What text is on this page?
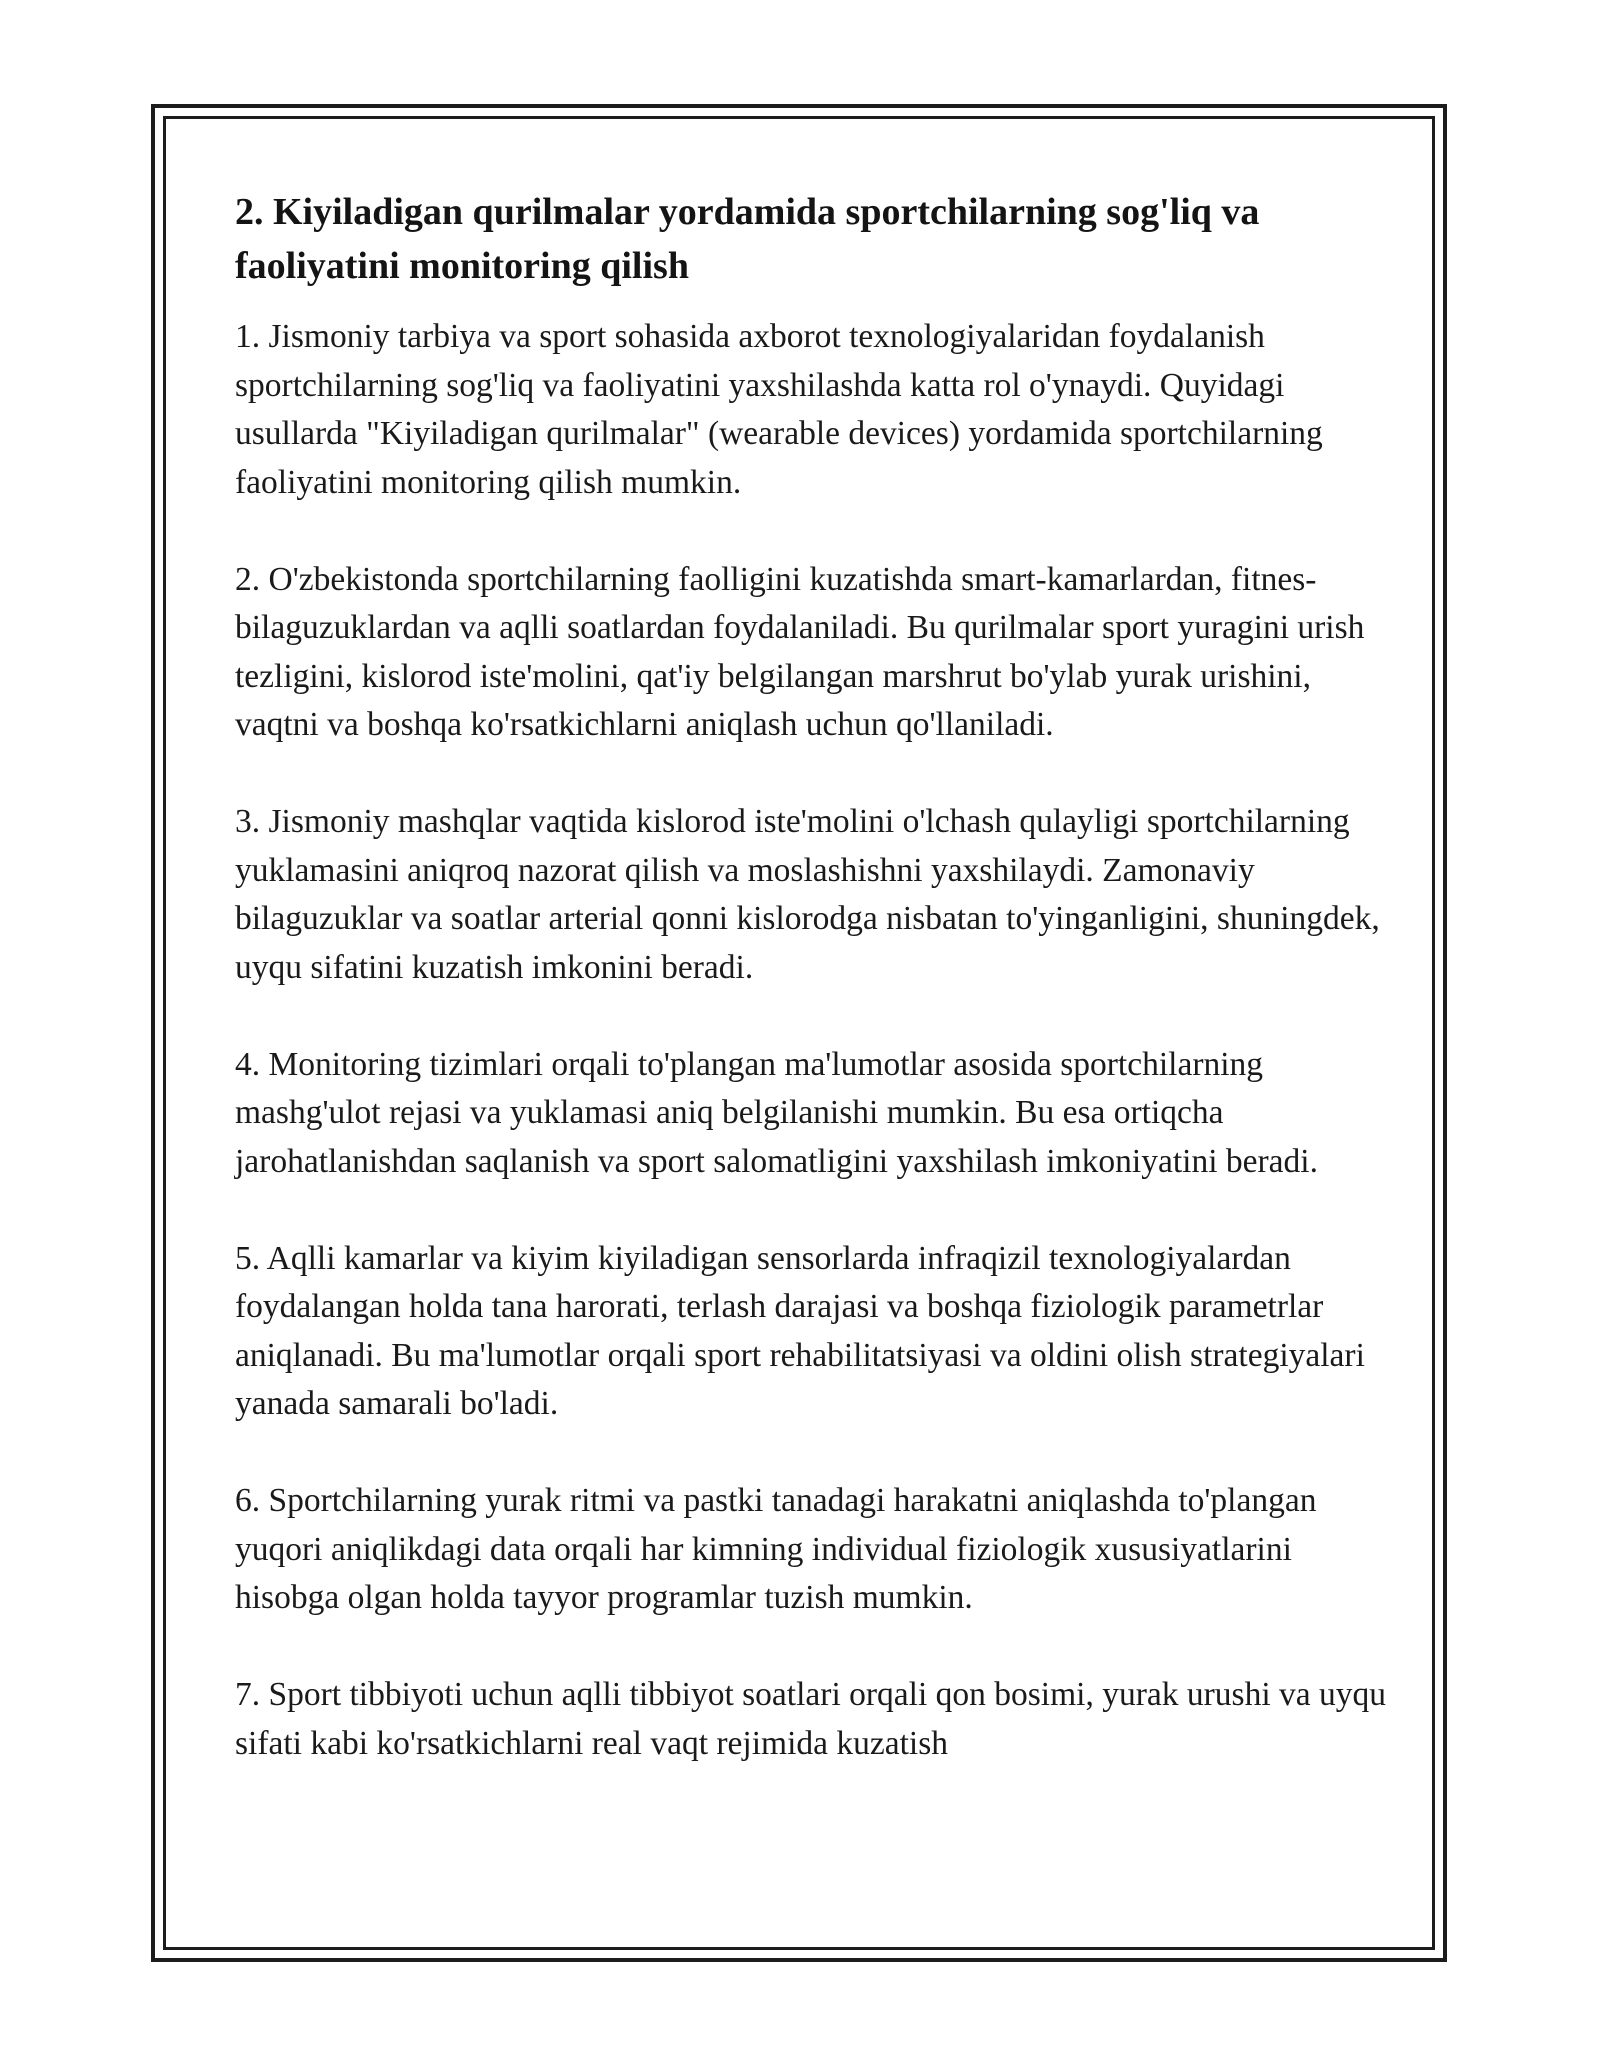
2. Kiyiladigan qurilmalar yordamida sportchilarning sog'liq va faoliyatini monitoring qilish

1. Jismoniy tarbiya va sport sohasida axborot texnologiyalaridan foydalanish sportchilarning sog'liq va faoliyatini yaxshilashda katta rol o'ynaydi. Quyidagi usullarda "Kiyiladigan qurilmalar" (wearable devices) yordamida sportchilarning faoliyatini monitoring qilish mumkin.

2. O'zbekistonda sportchilarning faolligini kuzatishda smart-kamarlardan, fitnes-bilaguzuklardan va aqlli soatlardan foydalaniladi. Bu qurilmalar sport yuragini urish tezligini, kislorod iste'molini, qat'iy belgilangan marshrut bo'ylab yurak urishini, vaqtni va boshqa ko'rsatkichlarni aniqlash uchun qo'llaniladi.

3. Jismoniy mashqlar vaqtida kislorod iste'molini o'lchash qulayligi sportchilarning yuklamasini aniqroq nazorat qilish va moslashishni yaxshilaydi. Zamonaviy bilaguzuklar va soatlar arterial qonni kislorodga nisbatan to'yinganligini, shuningdek, uyqu sifatini kuzatish imkonini beradi.

4. Monitoring tizimlari orqali to'plangan ma'lumotlar asosida sportchilarning mashg'ulot rejasi va yuklamasi aniq belgilanishi mumkin. Bu esa ortiqcha jarohatlanishdan saqlanish va sport salomatligini yaxshilash imkoniyatini beradi.

5. Aqlli kamarlar va kiyim kiyiladigan sensorlarda infraqizil texnologiyalardan foydalangan holda tana harorati, terlash darajasi va boshqa fiziologik parametrlar aniqlanadi. Bu ma'lumotlar orqali sport rehabilitatsiyasi va oldini olish strategiyalari yanada samarali bo'ladi.

6. Sportchilarning yurak ritmi va pastki tanadagi harakatni aniqlashda to'plangan yuqori aniqlikdagi data orqali har kimning individual fiziologik xususiyatlarini hisobga olgan holda tayyor programlar tuzish mumkin.

7. Sport tibbiyoti uchun aqlli tibbiyot soatlari orqali qon bosimi, yurak urushi va uyqu sifati kabi ko'rsatkichlarni real vaqt rejimida kuzatish
